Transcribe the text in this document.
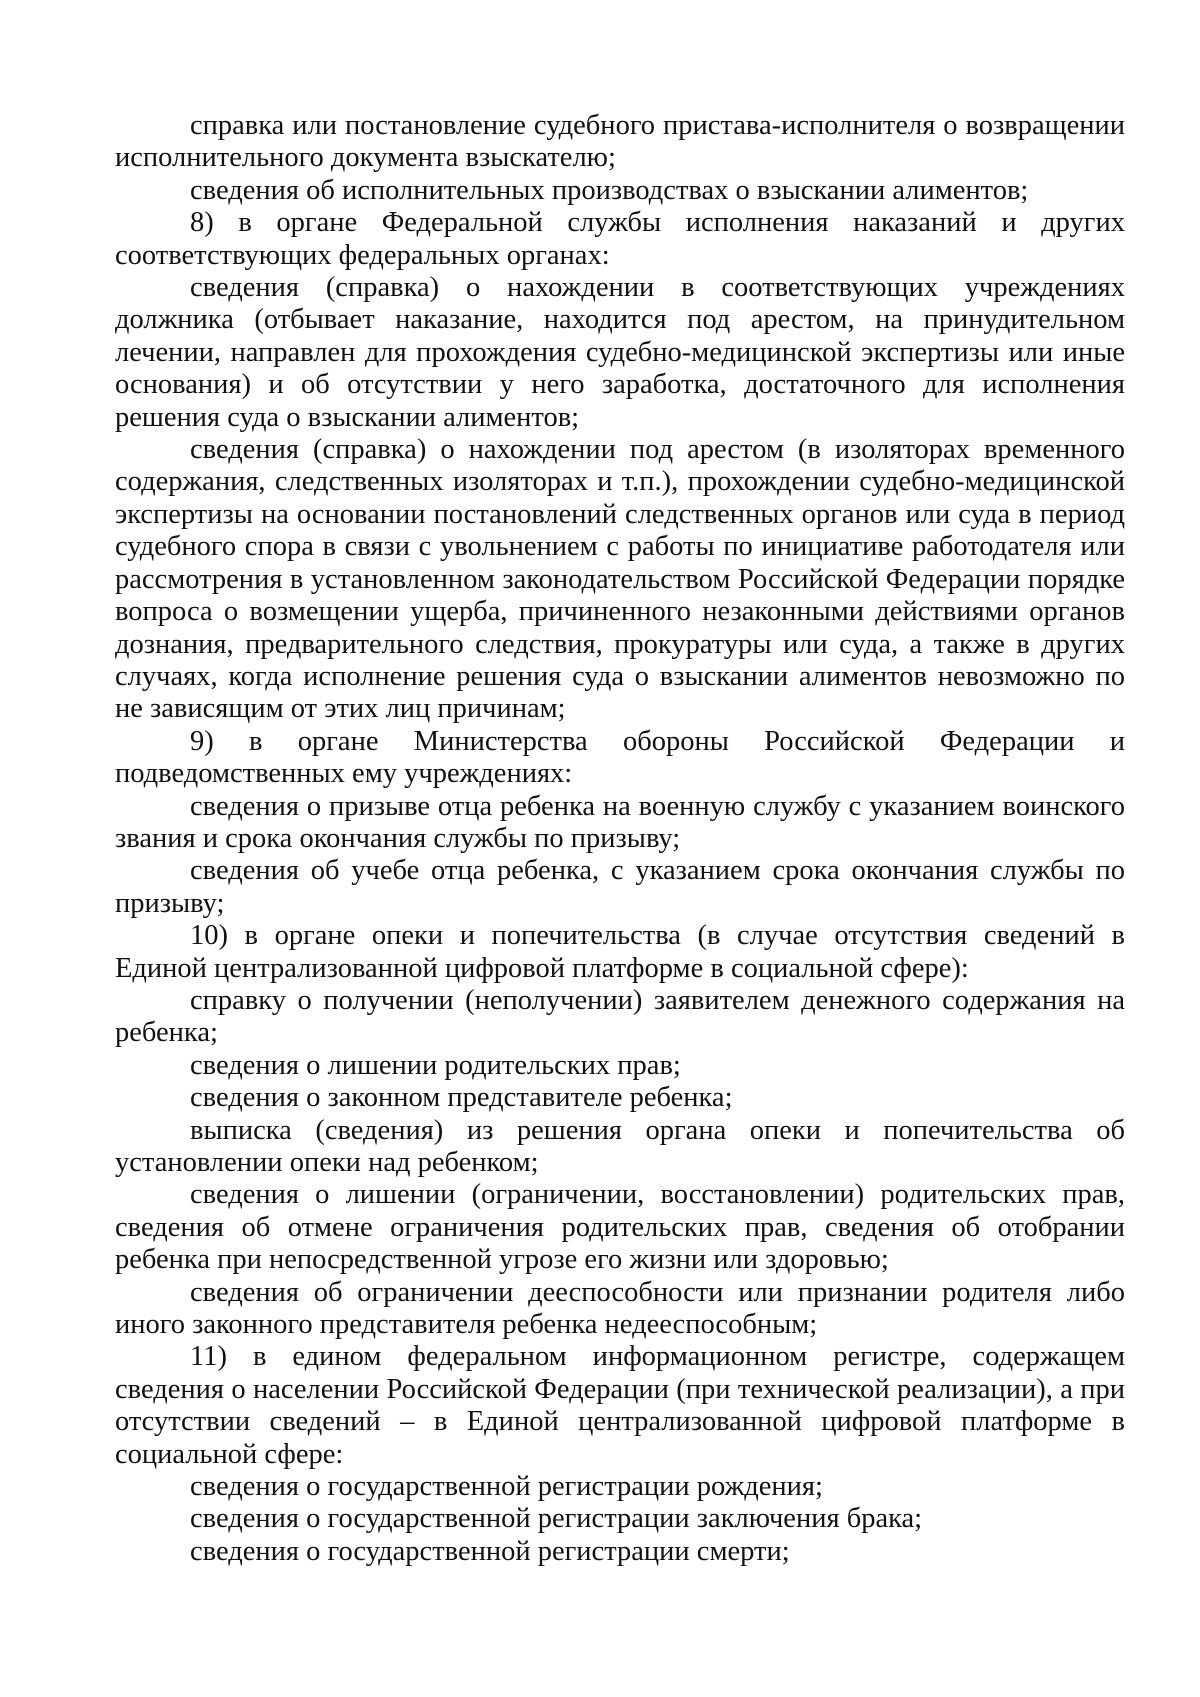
справка или постановление судебного пристава-исполнителя о возвращении исполнительного документа взыскателю;

сведения об исполнительных производствах о взыскании алиментов;

8) в органе Федеральной службы исполнения наказаний и других соответствующих федеральных органах:

сведения (справка) о нахождении в соответствующих учреждениях должника (отбывает наказание, находится под арестом, на принудительном лечении, направлен для прохождения судебно-медицинской экспертизы или иные основания) и об отсутствии у него заработка, достаточного для исполнения решения суда о взыскании алиментов;

сведения (справка) о нахождении под арестом (в изоляторах временного содержания, следственных изоляторах и т.п.), прохождении судебно-медицинской экспертизы на основании постановлений следственных органов или суда в период судебного спора в связи с увольнением с работы по инициативе работодателя или рассмотрения в установленном законодательством Российской Федерации порядке вопроса о возмещении ущерба, причиненного незаконными действиями органов дознания, предварительного следствия, прокуратуры или суда, а также в других случаях, когда исполнение решения суда о взыскании алиментов невозможно по не зависящим от этих лиц причинам;

9) в органе Министерства обороны Российской Федерации и подведомственных ему учреждениях:

сведения о призыве отца ребенка на военную службу с указанием воинского звания и срока окончания службы по призыву;

сведения об учебе отца ребенка, с указанием срока окончания службы по призыву;

10) в органе опеки и попечительства (в случае отсутствия сведений в Единой централизованной цифровой платформе в социальной сфере):

справку о получении (неполучении) заявителем денежного содержания на ребенка;

сведения о лишении родительских прав;

сведения о законном представителе ребенка;

выписка (сведения) из решения органа опеки и попечительства об установлении опеки над ребенком;

сведения о лишении (ограничении, восстановлении) родительских прав, сведения об отмене ограничения родительских прав, сведения об отобрании ребенка при непосредственной угрозе его жизни или здоровью;

сведения об ограничении дееспособности или признании родителя либо иного законного представителя ребенка недееспособным;

11) в едином федеральном информационном регистре, содержащем сведения о населении Российской Федерации (при технической реализации), а при отсутствии сведений – в Единой централизованной цифровой платформе в социальной сфере:

сведения о государственной регистрации рождения;

сведения о государственной регистрации заключения брака;

сведения о государственной регистрации смерти;
